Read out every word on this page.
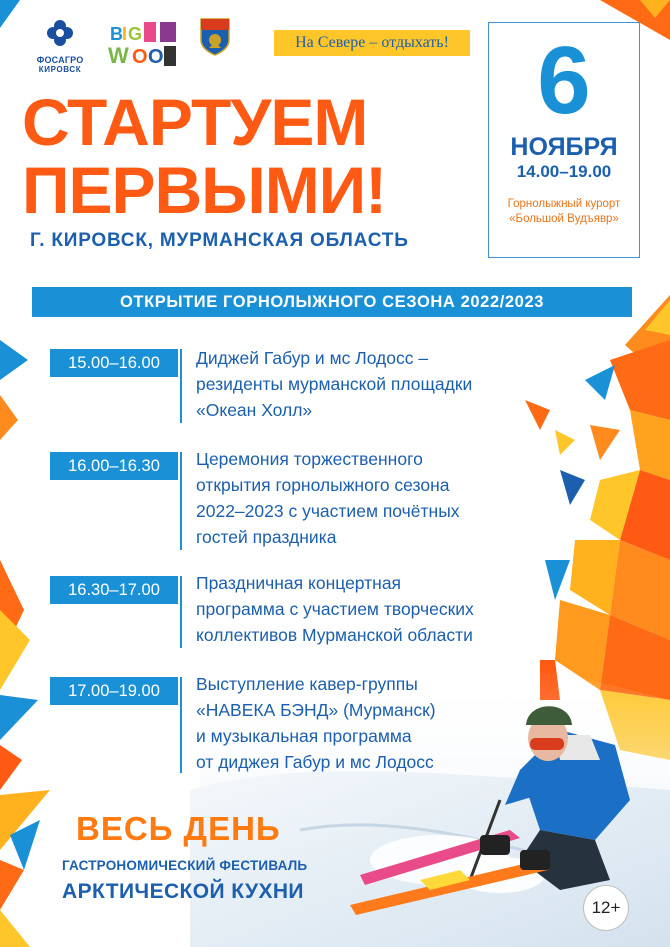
ФОСАГРО
КИРОВСК
B I G
W O O
На Севере – отдыхать! 6
НОЯБРЯ
14.00–19.00
Горнолыжный курорт
«Большой Вудъявр»
СТАРТУЕМ
ПЕРВЫМИ!
Г. КИРОВСК, МУРМАНСКАЯ ОБЛАСТЬ
ОТКРЫТИЕ ГОРНОЛЫЖНОГО СЕЗОНА 2022/2023
15.00–16.00	Диджей Габур и мс Лодосс –
резиденты мурманской площадки
«Океан Холл»
16.00–16.30	Церемония торжественного
открытия горнолыжного сезона
2022–2023 с участием почётных
гостей праздника
16.30–17.00	Праздничная концертная
программа с участием творческих
коллективов Мурманской области
17.00–19.00	Выступление кавер-группы
«НАВЕКА БЭНД» (Мурманск)
и музыкальная программа
от диджея Габур и мс Лодосс
ВЕСЬ ДЕНЬ
ГАСТРОНОМИЧЕСКИЙ ФЕСТИВАЛЬ
АРКТИЧЕСКОЙ КУХНИ
12+
